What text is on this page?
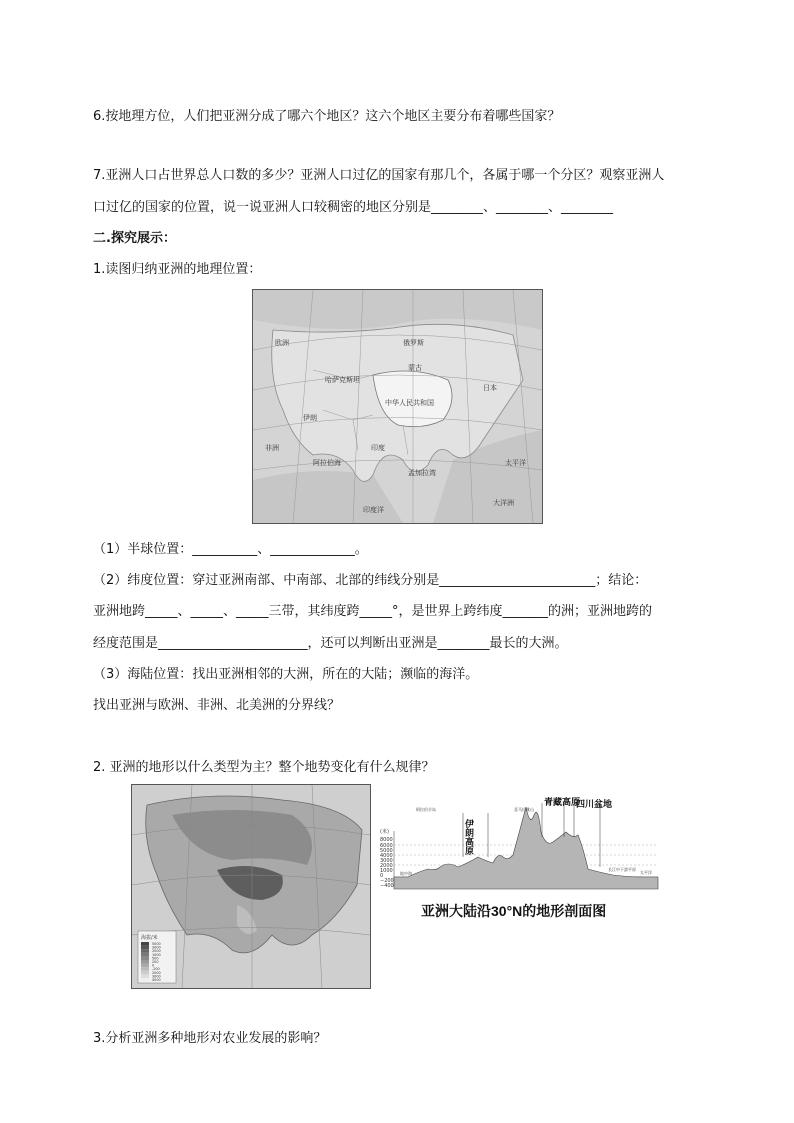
6.按地理方位，人们把亚洲分成了哪六个地区？这六个地区主要分布着哪些国家？
7.亚洲人口占世界总人口数的多少？亚洲人口过亿的国家有那几个，各属于哪一个分区？观察亚洲人
口过亿的国家的位置，说一说亚洲人口较稠密的地区分别是________、________、________
二.探究展示：
1.读图归纳亚洲的地理位置：
哈萨克斯坦
中华人民共和国
伊朗
印度
印度洋
太平洋
孟加拉湾
阿拉伯海
日本
蒙古
俄罗斯
大洋洲
欧洲
非洲
（1）半球位置：__________、_____________。
（2）纬度位置：穿过亚洲南部、中南部、北部的纬线分别是________________________；结论：
亚洲地跨_____、_____、_____三带，其纬度跨_____°，是世界上跨纬度_______的洲；亚洲地跨的
经度范围是_______________________，还可以判断出亚洲是________最长的大洲。
（3）海陆位置：找出亚洲相邻的大洲，所在的大陆；濒临的海洋。
找出亚洲与欧洲、非洲、北美洲的分界线？
2. 亚洲的地形以什么类型为主？整个地势变化有什么规律？
海拔/米
5000
3000
2000
1000
500
200
0
-200
2000
3000
4000
(米)
8000
6000
5000
4000
3000
2000
1000
0
−200
−400
伊朗高原
青藏高原
四川盆地
地中海
阿拉伯半岛	喜马拉雅山
长江中下游平原
太平洋
亚洲大陆沿30°N的地形剖面图
3.分析亚洲多种地形对农业发展的影响？
